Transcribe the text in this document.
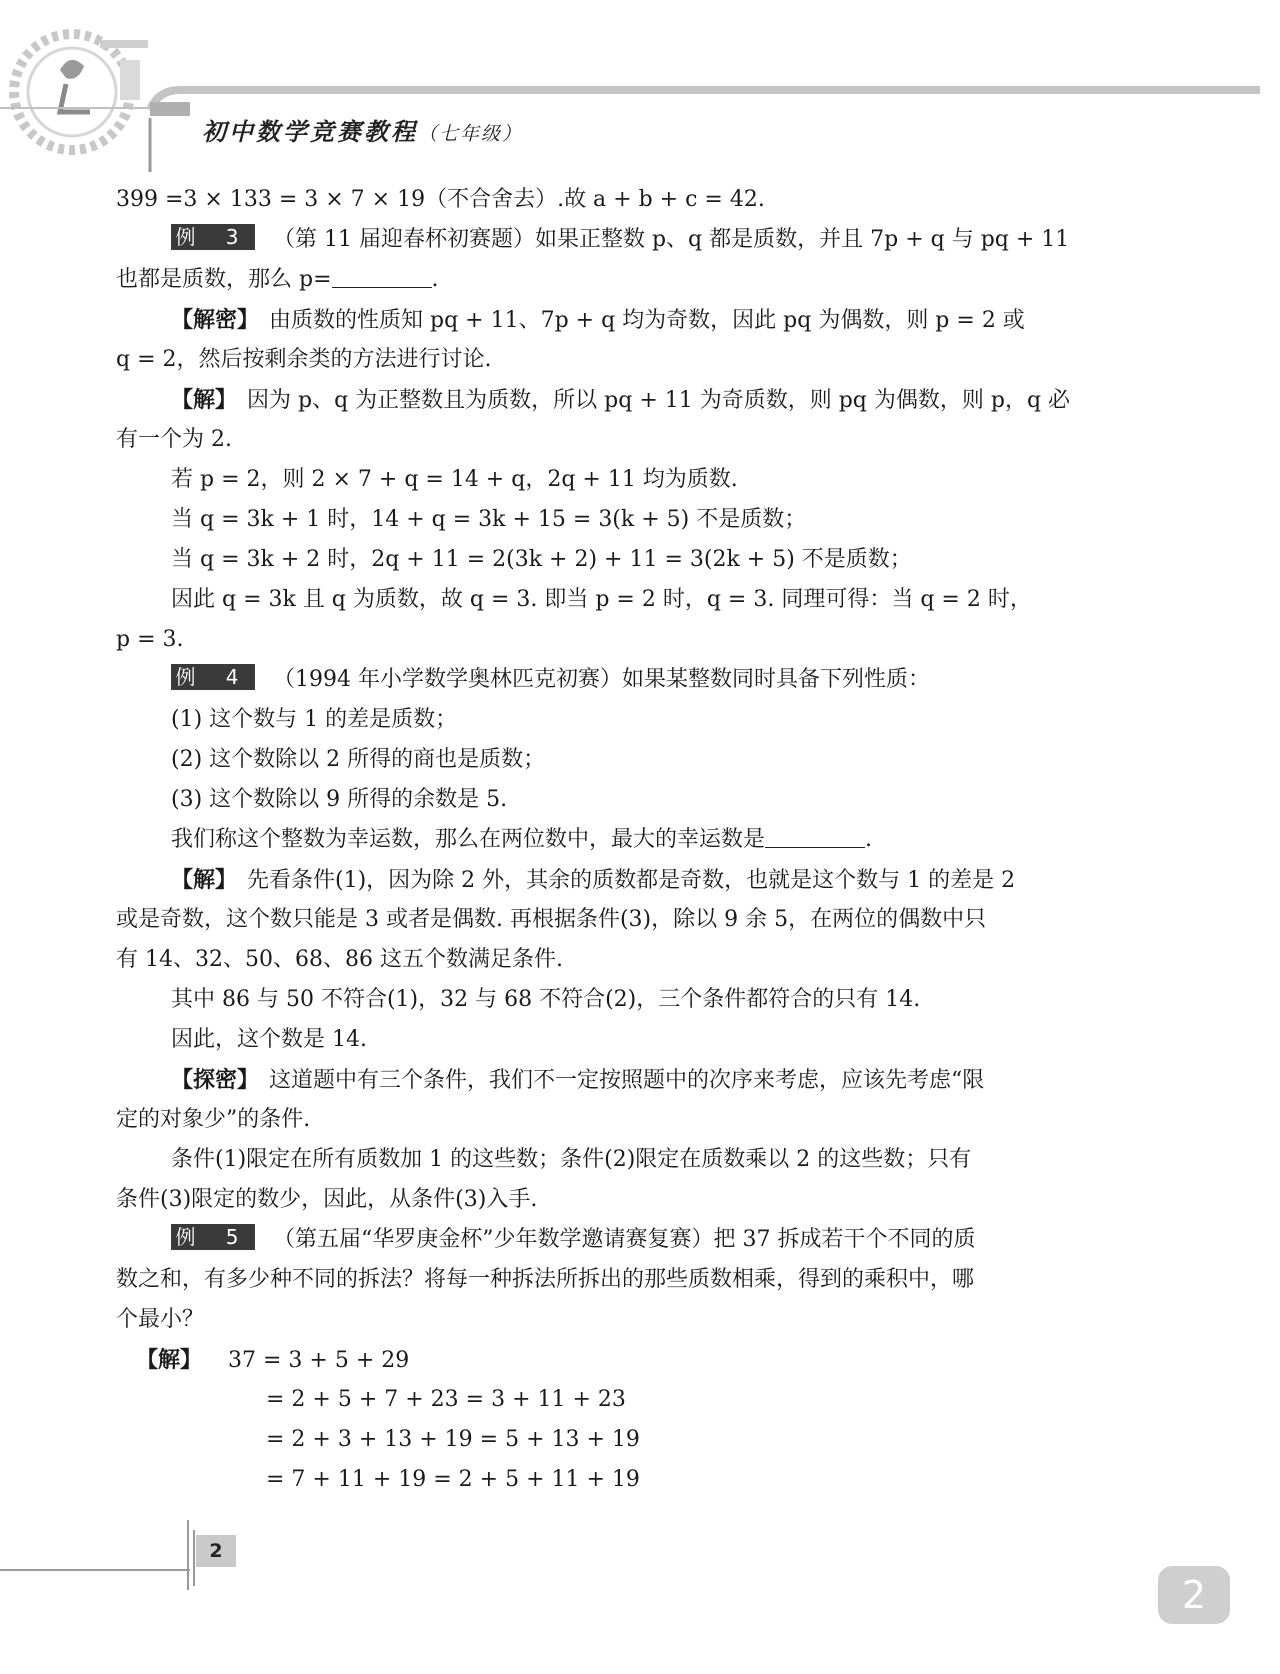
初中数学竞赛教程（七年级）
399 =3 × 133 = 3 × 7 × 19（不合舍去）.故 a + b + c = 42.
例 3 （第 11 届迎春杯初赛题）如果正整数 p、q 都是质数，并且 7p + q 与 pq + 11
也都是质数，那么 p=	.
【解密】 由质数的性质知 pq + 11、7p + q 均为奇数，因此 pq 为偶数，则 p = 2 或
q = 2，然后按剩余类的方法进行讨论.
【解】 因为 p、q 为正整数且为质数，所以 pq + 11 为奇质数，则 pq 为偶数，则 p，q 必
有一个为 2.
若 p = 2，则 2 × 7 + q = 14 + q，2q + 11 均为质数.
当 q = 3k + 1 时，14 + q = 3k + 15 = 3(k + 5) 不是质数；
当 q = 3k + 2 时，2q + 11 = 2(3k + 2) + 11 = 3(2k + 5) 不是质数；
因此 q = 3k 且 q 为质数，故 q = 3. 即当 p = 2 时，q = 3. 同理可得：当 q = 2 时，
p = 3.
例 4 （1994 年小学数学奥林匹克初赛）如果某整数同时具备下列性质：
(1) 这个数与 1 的差是质数；
(2) 这个数除以 2 所得的商也是质数；
(3) 这个数除以 9 所得的余数是 5.
我们称这个整数为幸运数，那么在两位数中，最大的幸运数是	.
【解】 先看条件(1)，因为除 2 外，其余的质数都是奇数，也就是这个数与 1 的差是 2
或是奇数，这个数只能是 3 或者是偶数. 再根据条件(3)，除以 9 余 5，在两位的偶数中只
有 14、32、50、68、86 这五个数满足条件.
其中 86 与 50 不符合(1)，32 与 68 不符合(2)，三个条件都符合的只有 14.
因此，这个数是 14.
【探密】 这道题中有三个条件，我们不一定按照题中的次序来考虑，应该先考虑“限
定的对象少”的条件.
条件(1)限定在所有质数加 1 的这些数；条件(2)限定在质数乘以 2 的这些数；只有
条件(3)限定的数少，因此，从条件(3)入手.
例 5 （第五届“华罗庚金杯”少年数学邀请赛复赛）把 37 拆成若干个不同的质
数之和，有多少种不同的拆法？将每一种拆法所拆出的那些质数相乘，得到的乘积中，哪
个最小？
【解】 37 = 3 + 5 + 29
= 2 + 5 + 7 + 23 = 3 + 11 + 23
= 2 + 3 + 13 + 19 = 5 + 13 + 19
= 7 + 11 + 19 = 2 + 5 + 11 + 19
2
2
